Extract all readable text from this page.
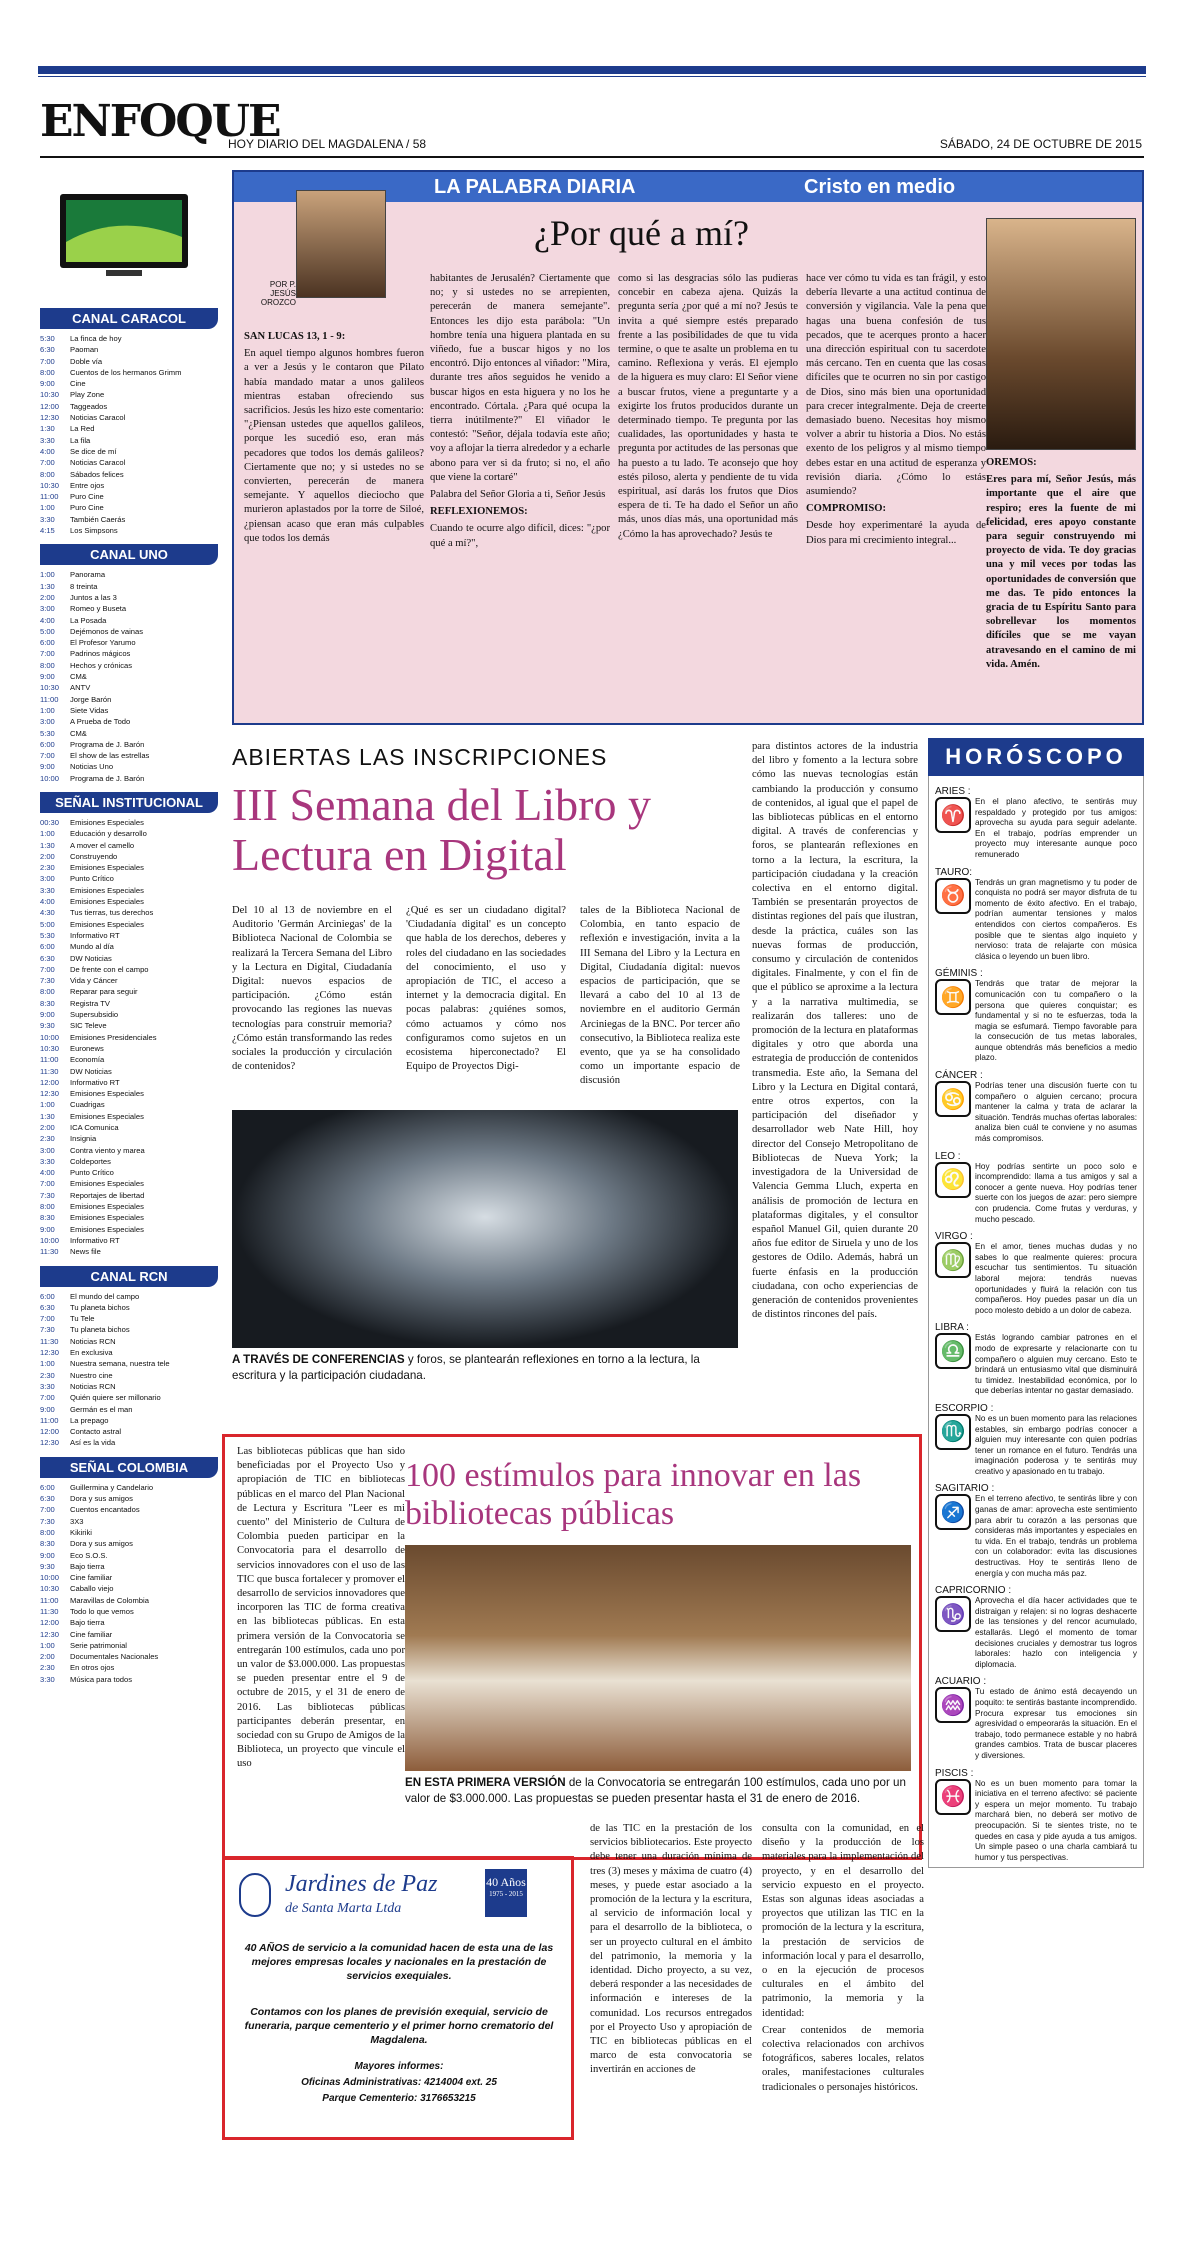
ENFOQUE
HOY DIARIO DEL MAGDALENA / 58	SÁBADO, 24 DE OCTUBRE DE 2015
CANAL CARACOL
5:30	La finca de hoy
6:30	Paoman
7:00	Doble vía
8:00	Cuentos de los hermanos Grimm
9:00	Cine
10:30	Play Zone
12:00	Taggeados
12:30	Noticias Caracol
1:30	La Red
3:30	La fila
4:00	Se dice de mí
7:00	Noticias Caracol
8:00	Sábados felices
10:30	Entre ojos
11:00	Puro Cine
1:00	Puro Cine
3:30	También Caerás
4:15	Los Simpsons
CANAL UNO
1:00	Panorama
1:30	8 treinta
2:00	Juntos a las 3
3:00	Romeo y Buseta
4:00	La Posada
5:00	Dejémonos de vainas
6:00	El Profesor Yarumo
7:00	Padrinos mágicos
8:00	Hechos y crónicas
9:00	CM&
10:30	ANTV
11:00	Jorge Barón
1:00	Siete Vidas
3:00	A Prueba de Todo
5:30	CM&
6:00	Programa de J. Barón
7:00	El show de las estrellas
9:00	Noticias Uno
10:00	Programa de J. Barón
SEÑAL INSTITUCIONAL
00:30	Emisiones Especiales
1:00	Educación y desarrollo
1:30	A mover el camello
2:00	Construyendo
2:30	Emisiones Especiales
3:00	Punto Crítico
3:30	Emisiones Especiales
4:00	Emisiones Especiales
4:30	Tus tierras, tus derechos
5:00	Emisiones Especiales
5:30	Informativo RT
6:00	Mundo al día
6:30	DW Noticias
7:00	De frente con el campo
7:30	Vida y Cáncer
8:00	Reparar para seguir
8:30	Registra TV
9:00	Supersubsidio
9:30	SIC Televe
10:00	Emisiones Presidenciales
10:30	Euronews
11:00	Economía
11:30	DW Noticias
12:00	Informativo RT
12:30	Emisiones Especiales
1:00	Cuadrigas
1:30	Emisiones Especiales
2:00	ICA Comunica
2:30	Insignia
3:00	Contra viento y marea
3:30	Coldeportes
4:00	Punto Crítico
7:00	Emisiones Especiales
7:30	Reportajes de libertad
8:00	Emisiones Especiales
8:30	Emisiones Especiales
9:00	Emisiones Especiales
10:00	Informativo RT
11:30	News file
CANAL RCN
6:00	El mundo del campo
6:30	Tu planeta bichos
7:00	Tu Tele
7:30	Tu planeta bichos
11:30	Noticias RCN
12:30	En exclusiva
1:00	Nuestra semana, nuestra tele
2:30	Nuestro cine
3:30	Noticias RCN
7:00	Quién quiere ser millonario
9:00	Germán es el man
11:00	La prepago
12:00	Contacto astral
12:30	Así es la vida
SEÑAL COLOMBIA
6:00	Guillermina y Candelario
6:30	Dora y sus amigos
7:00	Cuentos encantados
7:30	3X3
8:00	Kikiriki
8:30	Dora y sus amigos
9:00	Eco S.O.S.
9:30	Bajo tierra
10:00	Cine familiar
10:30	Caballo viejo
11:00	Maravillas de Colombia
11:30	Todo lo que vemos
12:00	Bajo tierra
12:30	Cine familiar
1:00	Serie patrimonial
2:00	Documentales Nacionales
2:30	En otros ojos
3:30	Música para todos
LA PALABRA DIARIA	Cristo en medio
¿Por qué a mí?
POR P. JESÚS OROZCO

SAN LUCAS 13, 1 - 9:

En aquel tiempo algunos hombres fueron a ver a Jesús y le contaron que Pilato había mandado matar a unos galileos mientras estaban ofreciendo sus sacrificios. Jesús les hizo este comentario: "¿Piensan ustedes que aquellos galileos, porque les sucedió eso, eran más pecadores que todos los demás galileos? Ciertamente que no; y si ustedes no se convierten, perecerán de manera semejante. Y aquellos dieciocho que murieron aplastados por la torre de Siloé, ¿piensan acaso que eran más culpables que todos los demás

habitantes de Jerusalén? Ciertamente que no; y si ustedes no se arrepienten, perecerán de manera semejante". Entonces les dijo esta parábola: "Un hombre tenía una higuera plantada en su viñedo, fue a buscar higos y no los encontró. Dijo entonces al viñador: "Mira, durante tres años seguidos he venido a buscar higos en esta higuera y no los he encontrado. Córtala. ¿Para qué ocupa la tierra inútilmente?" El viñador le contestó: "Señor, déjala todavía este año; voy a aflojar la tierra alrededor y a echarle abono para ver si da fruto; si no, el año que viene la cortaré"

Palabra del Señor Gloria a ti, Señor Jesús

REFLEXIONEMOS:

Cuando te ocurre algo difícil, dices: "¿por qué a mí?",

como si las desgracias sólo las pudieras concebir en cabeza ajena. Quizás la pregunta sería ¿por qué a mí no? Jesús te invita a qué siempre estés preparado frente a las posibilidades de que tu vida termine, o que te asalte un problema en tu camino. Reflexiona y verás. El ejemplo de la higuera es muy claro: El Señor viene a buscar frutos, viene a preguntarte y a exigirte los frutos producidos durante un determinado tiempo. Te pregunta por las cualidades, las oportunidades y hasta te pregunta por actitudes de las personas que ha puesto a tu lado. Te aconsejo que hoy estés piloso, alerta y pendiente de tu vida espiritual, así darás los frutos que Dios espera de ti. Te ha dado el Señor un año más, unos días más, una oportunidad más ¿Cómo la has aprovechado? Jesús te

hace ver cómo tu vida es tan frágil, y esto debería llevarte a una actitud continua de conversión y vigilancia. Vale la pena que hagas una buena confesión de tus pecados, que te acerques pronto a hacer una dirección espiritual con tu sacerdote más cercano. Ten en cuenta que las cosas difíciles que te ocurren no sin por castigo de Dios, sino más bien una oportunidad para crecer integralmente. Deja de creerte demasiado bueno. Necesitas hoy mismo volver a abrir tu historia a Dios. No estás exento de los peligros y al mismo tiempo debes estar en una actitud de esperanza y revisión diaria. ¿Cómo lo estás asumiendo?

COMPROMISO:

Desde hoy experimentaré la ayuda de Dios para mi crecimiento integral...

OREMOS:

Eres para mí, Señor Jesús, más importante que el aire que respiro; eres la fuente de mi felicidad, eres apoyo constante para seguir construyendo mi proyecto de vida. Te doy gracias una y mil veces por todas las oportunidades de conversión que me das. Te pido entonces la gracia de tu Espíritu Santo para sobrellevar los momentos difíciles que se me vayan atravesando en el camino de mi vida. Amén.

ABIERTAS LAS INSCRIPCIONES
III Semana del Libro y Lectura en Digital

Del 10 al 13 de noviembre en el Auditorio 'Germán Arciniegas' de la Biblioteca Nacional de Colombia se realizará la Tercera Semana del Libro y la Lectura en Digital, Ciudadanía Digital: nuevos espacios de participación. ¿Cómo están provocando las regiones las nuevas tecnologías para construir memoria? ¿Cómo están transformando las redes sociales la producción y circulación de contenidos?

¿Qué es ser un ciudadano digital? 'Ciudadanía digital' es un concepto que habla de los derechos, deberes y roles del ciudadano en las sociedades del conocimiento, el uso y apropiación de TIC, el acceso a internet y la democracia digital. En pocas palabras: ¿quiénes somos, cómo actuamos y cómo nos configuramos como sujetos en un ecosistema hiperconectado? El Equipo de Proyectos Digi-

tales de la Biblioteca Nacional de Colombia, en tanto espacio de reflexión e investigación, invita a la III Semana del Libro y la Lectura en Digital, Ciudadanía digital: nuevos espacios de participación, que se llevará a cabo del 10 al 13 de noviembre en el auditorio Germán Arciniegas de la BNC. Por tercer año consecutivo, la Biblioteca realiza este evento, que ya se ha consolidado como un importante espacio de discusión

para distintos actores de la industria del libro y fomento a la lectura sobre cómo las nuevas tecnologías están cambiando la producción y consumo de contenidos, al igual que el papel de las bibliotecas públicas en el entorno digital. A través de conferencias y foros, se plantearán reflexiones en torno a la lectura, la escritura, la participación ciudadana y la creación colectiva en el entorno digital. También se presentarán proyectos de distintas regiones del país que ilustran, desde la práctica, cuáles son las nuevas formas de producción, consumo y circulación de contenidos digitales. Finalmente, y con el fin de que el público se aproxime a la lectura y a la narrativa multimedia, se realizarán dos talleres: uno de promoción de la lectura en plataformas digitales y otro que aborda una estrategia de producción de contenidos transmedia. Este año, la Semana del Libro y la Lectura en Digital contará, entre otros expertos, con la participación del diseñador y desarrollador web Nate Hill, hoy director del Consejo Metropolitano de Bibliotecas de Nueva York; la investigadora de la Universidad de Valencia Gemma Lluch, experta en análisis de promoción de lectura en plataformas digitales, y el consultor español Manuel Gil, quien durante 20 años fue editor de Siruela y uno de los gestores de Odilo. Además, habrá un fuerte énfasis en la producción ciudadana, con ocho experiencias de generación de contenidos provenientes de distintos rincones del país.

A TRAVÉS DE CONFERENCIAS y foros, se plantearán reflexiones en torno a la lectura, la escritura y la participación ciudadana.

Las bibliotecas públicas que han sido beneficiadas por el Proyecto Uso y apropiación de TIC en bibliotecas públicas en el marco del Plan Nacional de Lectura y Escritura "Leer es mi cuento" del Ministerio de Cultura de Colombia pueden participar en la Convocatoria para el desarrollo de servicios innovadores con el uso de las TIC que busca fortalecer y promover el desarrollo de servicios innovadores que incorporen las TIC de forma creativa en las bibliotecas públicas. En esta primera versión de la Convocatoria se entregarán 100 estímulos, cada uno por un valor de $3.000.000. Las propuestas se pueden presentar entre el 9 de octubre de 2015, y el 31 de enero de 2016. Las bibliotecas públicas participantes deberán presentar, en sociedad con su Grupo de Amigos de la Biblioteca, un proyecto que vincule el uso

100 estímulos para innovar en las bibliotecas públicas
EN ESTA PRIMERA VERSIÓN de la Convocatoria se entregarán 100 estímulos, cada uno por un valor de $3.000.000. Las propuestas se pueden presentar hasta el 31 de enero de 2016.

de las TIC en la prestación de los servicios bibliotecarios. Este proyecto debe tener una duración mínima de tres (3) meses y máxima de cuatro (4) meses, y puede estar asociado a la promoción de la lectura y la escritura, al servicio de información local y para el desarrollo de la biblioteca, o ser un proyecto cultural en el ámbito del patrimonio, la memoria y la identidad. Dicho proyecto, a su vez, deberá responder a las necesidades de información e intereses de la comunidad. Los recursos entregados por el Proyecto Uso y apropiación de TIC en bibliotecas públicas en el marco de esta convocatoria se invertirán en acciones de

consulta con la comunidad, en el diseño y la producción de los materiales para la implementación del proyecto, y en el desarrollo del servicio expuesto en el proyecto. Estas son algunas ideas asociadas a proyectos que utilizan las TIC en la promoción de la lectura y la escritura, la prestación de servicios de información local y para el desarrollo, o en la ejecución de procesos culturales en el ámbito del patrimonio, la memoria y la identidad:

Crear contenidos de memoria colectiva relacionados con archivos fotográficos, saberes locales, relatos orales, manifestaciones culturales tradicionales o personajes históricos.

Jardines de Paz
de Santa Marta Ltda
40 Años
1975 - 2015
40 AÑOS de servicio a la comunidad hacen de esta una de las mejores empresas locales y nacionales en la prestación de servicios exequiales.
Contamos con los planes de previsión exequial, servicio de funeraria, parque cementerio y el primer horno crematorio del Magdalena.
Mayores informes:
Oficinas Administrativas: 4214004 ext. 25
Parque Cementerio: 3176653215
HORÓSCOPO
ARIES :
♈
En el plano afectivo, te sentirás muy respaldado y protegido por tus amigos: aprovecha su ayuda para seguir adelante. En el trabajo, podrías emprender un proyecto muy interesante aunque poco remunerado
TAURO:
♉
Tendrás un gran magnetismo y tu poder de conquista no podrá ser mayor disfruta de tu momento de éxito afectivo. En el trabajo, podrían aumentar tensiones y malos entendidos con ciertos compañeros. Es posible que te sientas algo inquieto y nervioso: trata de relajarte con música clásica o leyendo un buen libro.
GÉMINIS :
♊
Tendrás que tratar de mejorar la comunicación con tu compañero o la persona que quieres conquistar; es fundamental y si no te esfuerzas, toda la magia se esfumará. Tiempo favorable para la consecución de tus metas laborales, aunque obtendrás más beneficios a medio plazo.
CÁNCER :
♋
Podrías tener una discusión fuerte con tu compañero o alguien cercano; procura mantener la calma y trata de aclarar la situación. Tendrás muchas ofertas laborales: analiza bien cuál te conviene y no asumas más compromisos.
LEO :
♌
Hoy podrías sentirte un poco solo e incomprendido: llama a tus amigos y sal a conocer a gente nueva. Hoy podrías tener suerte con los juegos de azar: pero siempre con prudencia. Come frutas y verduras, y mucho pescado.
VIRGO :
♍
En el amor, tienes muchas dudas y no sabes lo que realmente quieres: procura escuchar tus sentimientos. Tu situación laboral mejora: tendrás nuevas oportunidades y fluirá la relación con tus compañeros. Hoy puedes pasar un día un poco molesto debido a un dolor de cabeza.
LIBRA :
♎
Estás logrando cambiar patrones en el modo de expresarte y relacionarte con tu compañero o alguien muy cercano. Esto te brindará un entusiasmo vital que disminuirá tu timidez. Inestabilidad económica, por lo que deberías intentar no gastar demasiado.
ESCORPIO :
♏
No es un buen momento para las relaciones estables, sin embargo podrías conocer a alguien muy interesante con quien podrías tener un romance en el futuro. Tendrás una imaginación poderosa y te sentirás muy creativo y apasionado en tu trabajo.
SAGITARIO :
♐
En el terreno afectivo, te sentirás libre y con ganas de amar: aprovecha este sentimiento para abrir tu corazón a las personas que consideras más importantes y especiales en tu vida. En el trabajo, tendrás un problema con un colaborador: evita las discusiones destructivas. Hoy te sentirás lleno de energía y con mucha más paz.
CAPRICORNIO :
♑
Aprovecha el día hacer actividades que te distraigan y relajen: si no logras deshacerte de las tensiones y del rencor acumulado, estallarás. Llegó el momento de tomar decisiones cruciales y demostrar tus logros laborales: hazlo con inteligencia y diplomacia.
ACUARIO :
♒
Tu estado de ánimo está decayendo un poquito: te sentirás bastante incomprendido. Procura expresar tus emociones sin agresividad o empeorarás la situación. En el trabajo, todo permanece estable y no habrá grandes cambios. Trata de buscar placeres y diversiones.
PISCIS :
♓
No es un buen momento para tomar la iniciativa en el terreno afectivo: sé paciente y espera un mejor momento. Tu trabajo marchará bien, no deberá ser motivo de preocupación. Si te sientes triste, no te quedes en casa y pide ayuda a tus amigos. Un simple paseo o una charla cambiará tu humor y tus perspectivas.
